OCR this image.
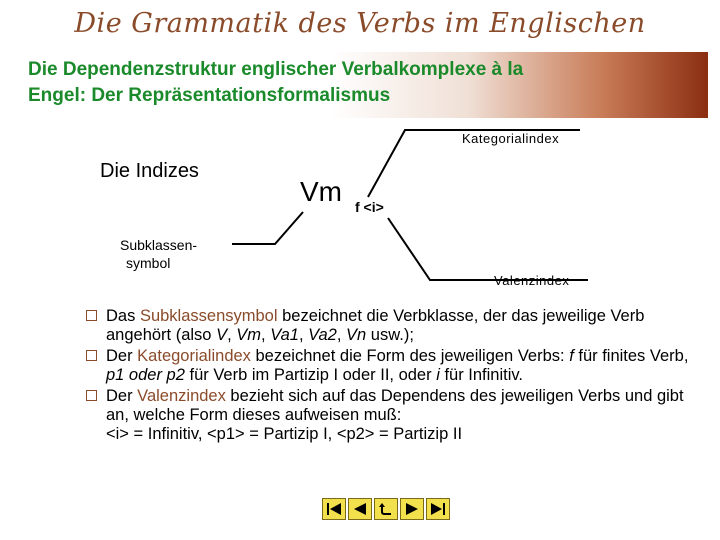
Die Grammatik des Verbs im Englischen
Die Dependenzstruktur englischer Verbalkomplexe à la
Engel: Der Repräsentationsformalismus
Kategorialindex
Die Indizes
Vm f <i>
Subklassen-
symbol
Valenzindex
Das Subklassensymbol bezeichnet die Verbklasse, der das jeweilige Verb angehört (also V, Vm, Va1, Va2, Vn usw.);
Der Kategorialindex bezeichnet die Form des jeweiligen Verbs: f für finites Verb, p1 oder p2 für Verb im Partizip I oder II, oder i für Infinitiv.
Der Valenzindex bezieht sich auf das Dependens des jeweiligen Verbs und gibt an, welche Form dieses aufweisen muß:
<i> = Infinitiv, <p1> = Partizip I, <p2> = Partizip II
